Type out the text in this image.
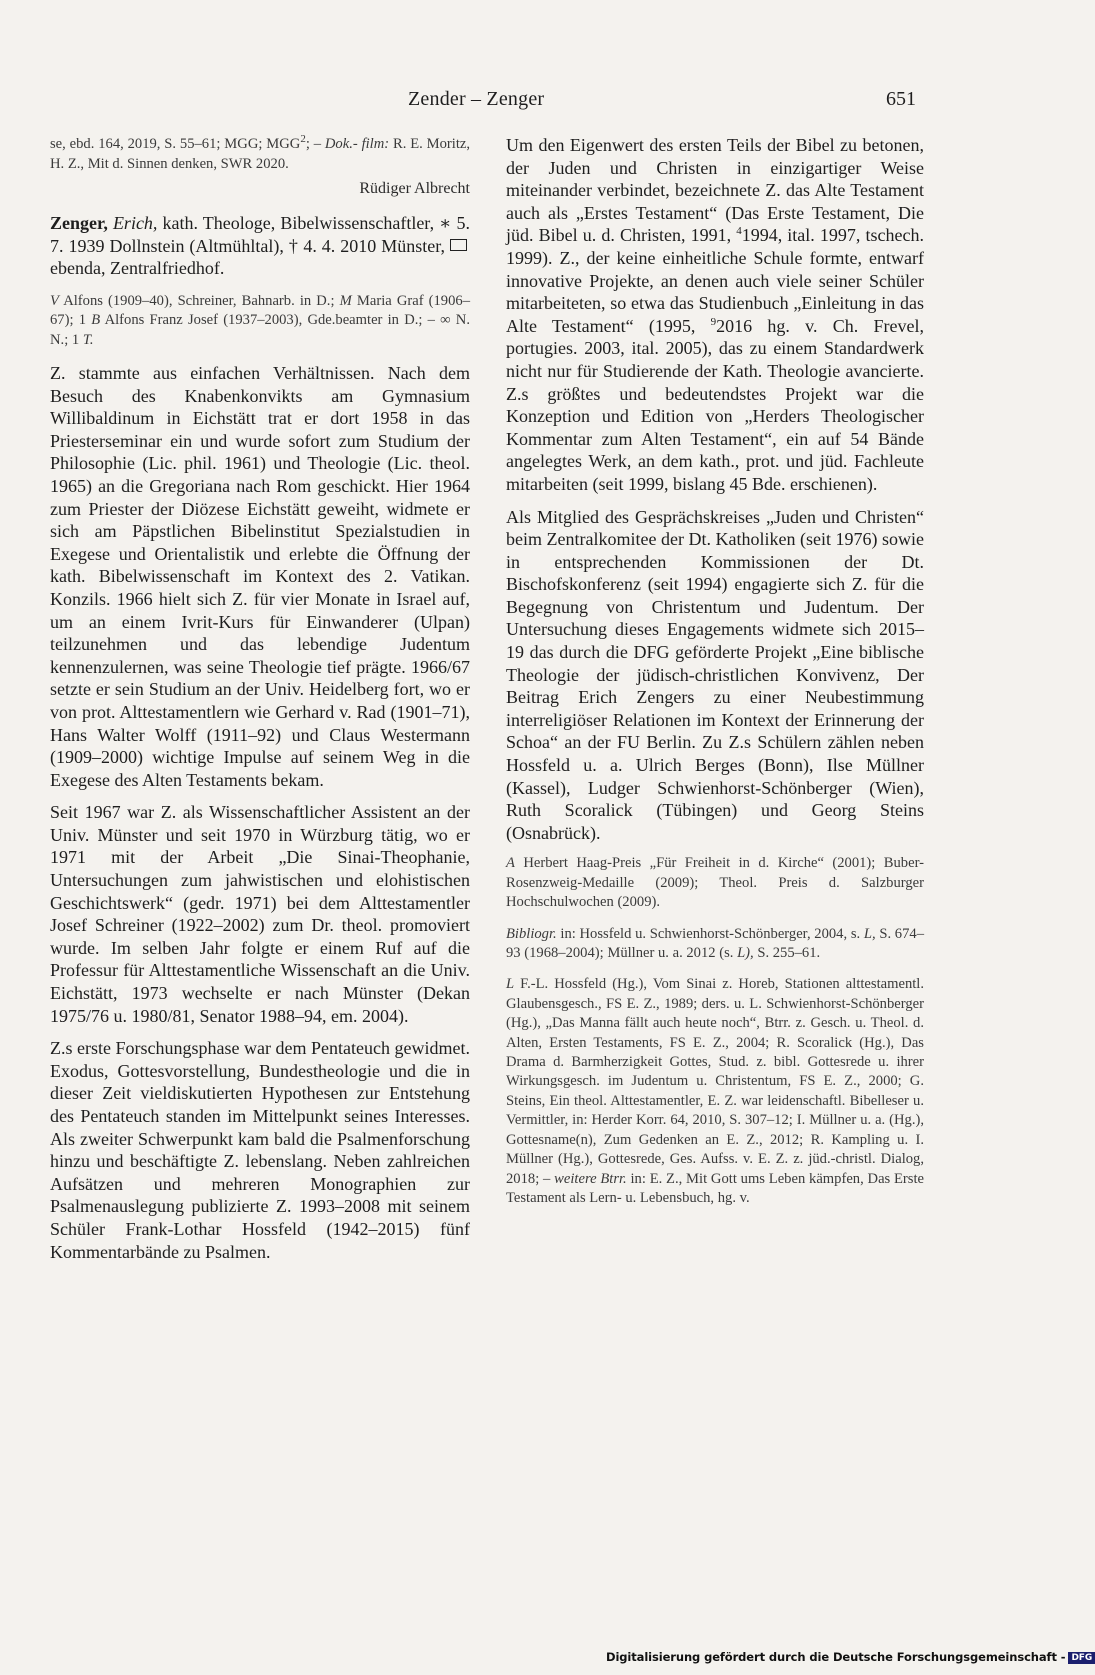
Zender – Zenger	651

se, ebd. 164, 2019, S. 55–61; MGG; MGG$^2$; – Dok.- film: R. E. Moritz, H. Z., Mit d. Sinnen denken, SWR 2020.

Rüdiger Albrecht

Zenger, Erich, kath. Theologe, Bibelwissenschaftler, ∗ 5. 7. 1939 Dollnstein (Altmühltal), † 4. 4. 2010 Münster,  ebenda, Zentralfriedhof.

V Alfons (1909–40), Schreiner, Bahnarb. in D.; M Maria Graf (1906–67); 1 B Alfons Franz Josef (1937–2003), Gde.beamter in D.; – ∞ N. N.; 1 T.

Z. stammte aus einfachen Verhältnissen. Nach dem Besuch des Knabenkonvikts am Gymnasium Willibaldinum in Eichstätt trat er dort 1958 in das Priesterseminar ein und wurde sofort zum Studium der Philosophie (Lic. phil. 1961) und Theologie (Lic. theol. 1965) an die Gregoriana nach Rom geschickt. Hier 1964 zum Priester der Diözese Eichstätt geweiht, widmete er sich am Päpstlichen Bibelinstitut Spezialstudien in Exegese und Orientalistik und erlebte die Öffnung der kath. Bibelwissenschaft im Kontext des 2. Vatikan. Konzils. 1966 hielt sich Z. für vier Monate in Israel auf, um an einem Ivrit-Kurs für Einwanderer (Ulpan) teilzunehmen und das lebendige Judentum kennenzulernen, was seine Theologie tief prägte. 1966/67 setzte er sein Studium an der Univ. Heidelberg fort, wo er von prot. Alttestamentlern wie Gerhard v. Rad (1901–71), Hans Walter Wolff (1911–92) und Claus Westermann (1909–2000) wichtige Impulse auf seinem Weg in die Exegese des Alten Testaments bekam.

Seit 1967 war Z. als Wissenschaftlicher Assistent an der Univ. Münster und seit 1970 in Würzburg tätig, wo er 1971 mit der Arbeit „Die Sinai-Theophanie, Untersuchungen zum jahwistischen und elohistischen Geschichtswerk“ (gedr. 1971) bei dem Alttestamentler Josef Schreiner (1922–2002) zum Dr. theol. promoviert wurde. Im selben Jahr folgte er einem Ruf auf die Professur für Alttestamentliche Wissenschaft an die Univ. Eichstätt, 1973 wechselte er nach Münster (Dekan 1975/76 u. 1980/81, Senator 1988–94, em. 2004).

Z.s erste Forschungsphase war dem Pentateuch gewidmet. Exodus, Gottesvorstellung, Bundestheologie und die in dieser Zeit vieldiskutierten Hypothesen zur Entstehung des Pentateuch standen im Mittelpunkt seines Interesses. Als zweiter Schwerpunkt kam bald die Psalmenforschung hinzu und beschäftigte Z. lebenslang. Neben zahlreichen Aufsätzen und mehreren Monographien zur Psalmenauslegung publizierte Z. 1993–2008 mit seinem Schüler Frank-Lothar Hossfeld (1942–2015) fünf Kommentarbände zu Psalmen.

Um den Eigenwert des ersten Teils der Bibel zu betonen, der Juden und Christen in einzigartiger Weise miteinander verbindet, bezeichnete Z. das Alte Testament auch als „Erstes Testament“ (Das Erste Testament, Die jüd. Bibel u. d. Christen, 1991, $^4$1994, ital. 1997, tschech. 1999). Z., der keine einheitliche Schule formte, entwarf innovative Projekte, an denen auch viele seiner Schüler mitarbeiteten, so etwa das Studienbuch „Einleitung in das Alte Testament“ (1995, $^9$2016 hg. v. Ch. Frevel, portugies. 2003, ital. 2005), das zu einem Standardwerk nicht nur für Studierende der Kath. Theologie avancierte. Z.s größtes und bedeutendstes Projekt war die Konzeption und Edition von „Herders Theologischer Kommentar zum Alten Testament“, ein auf 54 Bände angelegtes Werk, an dem kath., prot. und jüd. Fachleute mitarbeiten (seit 1999, bislang 45 Bde. erschienen).

Als Mitglied des Gesprächskreises „Juden und Christen“ beim Zentralkomitee der Dt. Katholiken (seit 1976) sowie in entsprechenden Kommissionen der Dt. Bischofskonferenz (seit 1994) engagierte sich Z. für die Begegnung von Christentum und Judentum. Der Untersuchung dieses Engagements widmete sich 2015–19 das durch die DFG geförderte Projekt „Eine biblische Theologie der jüdisch-christlichen Konvivenz, Der Beitrag Erich Zengers zu einer Neubestimmung interreligiöser Relationen im Kontext der Erinnerung der Schoa“ an der FU Berlin. Zu Z.s Schülern zählen neben Hossfeld u. a. Ulrich Berges (Bonn), Ilse Müllner (Kassel), Ludger Schwienhorst-Schönberger (Wien), Ruth Scoralick (Tübingen) und Georg Steins (Osnabrück).

A Herbert Haag-Preis „Für Freiheit in d. Kirche“ (2001); Buber-Rosenzweig-Medaille (2009); Theol. Preis d. Salzburger Hochschulwochen (2009).

Bibliogr. in: Hossfeld u. Schwienhorst-Schönberger, 2004, s. L, S. 674–93 (1968–2004); Müllner u. a. 2012 (s. L), S. 255–61.

L F.-L. Hossfeld (Hg.), Vom Sinai z. Horeb, Stationen alttestamentl. Glaubensgesch., FS E. Z., 1989; ders. u. L. Schwienhorst-Schönberger (Hg.), „Das Manna fällt auch heute noch“, Btrr. z. Gesch. u. Theol. d. Alten, Ersten Testaments, FS E. Z., 2004; R. Scoralick (Hg.), Das Drama d. Barmherzigkeit Gottes, Stud. z. bibl. Gottesrede u. ihrer Wirkungsgesch. im Judentum u. Christentum, FS E. Z., 2000; G. Steins, Ein theol. Alttestamentler, E. Z. war leidenschaftl. Bibelleser u. Vermittler, in: Herder Korr. 64, 2010, S. 307–12; I. Müllner u. a. (Hg.), Gottesname(n), Zum Gedenken an E. Z., 2012; R. Kampling u. I. Müllner (Hg.), Gottesrede, Ges. Aufss. v. E. Z. z. jüd.-christl. Dialog, 2018; – weitere Btrr. in: E. Z., Mit Gott ums Leben kämpfen, Das Erste Testament als Lern- u. Lebensbuch, hg. v.

Digitalisierung gefördert durch die Deutsche Forschungsgemeinschaft - DFG
